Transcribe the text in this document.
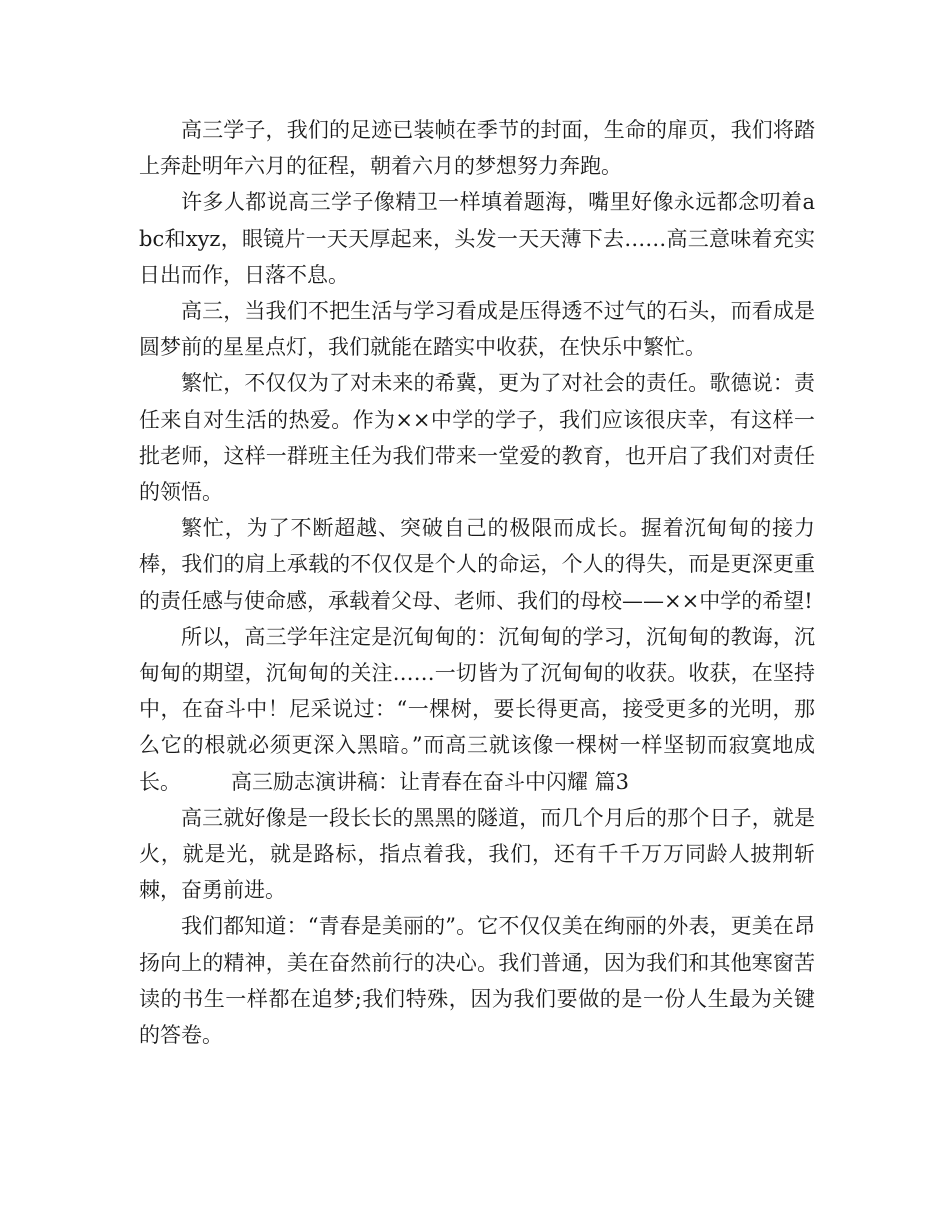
高三学子，我们的足迹已装帧在季节的封面，生命的扉页，我们将踏上奔赴明年六月的征程，朝着六月的梦想努力奔跑。

许多人都说高三学子像精卫一样填着题海，嘴里好像永远都念叨着abc和xyz，眼镜片一天天厚起来，头发一天天薄下去……高三意味着充实日出而作，日落不息。

高三，当我们不把生活与学习看成是压得透不过气的石头，而看成是圆梦前的星星点灯，我们就能在踏实中收获，在快乐中繁忙。

繁忙，不仅仅为了对未来的希冀，更为了对社会的责任。歌德说：责任来自对生活的热爱。作为××中学的学子，我们应该很庆幸，有这样一批老师，这样一群班主任为我们带来一堂爱的教育，也开启了我们对责任的领悟。

繁忙，为了不断超越、突破自己的极限而成长。握着沉甸甸的接力棒，我们的肩上承载的不仅仅是个人的命运，个人的得失，而是更深更重的责任感与使命感，承载着父母、老师、我们的母校——××中学的希望!

所以，高三学年注定是沉甸甸的：沉甸甸的学习，沉甸甸的教诲，沉甸甸的期望，沉甸甸的关注……一切皆为了沉甸甸的收获。收获，在坚持中，在奋斗中！尼采说过：“一棵树，要长得更高，接受更多的光明，那么它的根就必须更深入黑暗。”而高三就该像一棵树一样坚韧而寂寞地成长。 高三励志演讲稿：让青春在奋斗中闪耀 篇3

高三就好像是一段长长的黑黑的隧道，而几个月后的那个日子，就是火，就是光，就是路标，指点着我，我们，还有千千万万同龄人披荆斩棘，奋勇前进。

我们都知道：“青春是美丽的”。它不仅仅美在绚丽的外表，更美在昂扬向上的精神，美在奋然前行的决心。我们普通，因为我们和其他寒窗苦读的书生一样都在追梦;我们特殊，因为我们要做的是一份人生最为关键的答卷。
